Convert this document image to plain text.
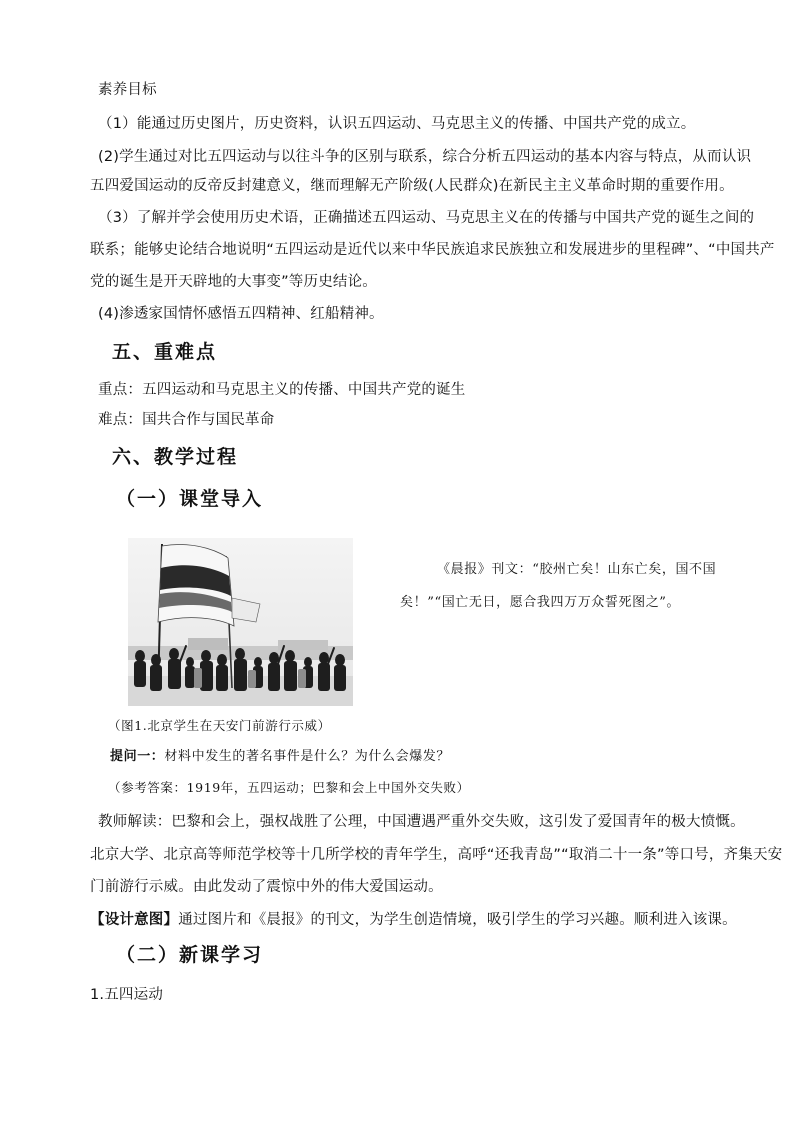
素养目标
（1）能通过历史图片，历史资料，认识五四运动、马克思主义的传播、中国共产党的成立。
(2)学生通过对比五四运动与以往斗争的区别与联系，综合分析五四运动的基本内容与特点，从而认识
五四爱国运动的反帝反封建意义，继而理解无产阶级(人民群众)在新民主主义革命时期的重要作用。
（3）了解并学会使用历史术语，正确描述五四运动、马克思主义在的传播与中国共产党的诞生之间的
联系；能够史论结合地说明“五四运动是近代以来中华民族追求民族独立和发展进步的里程碑”、“中国共产
党的诞生是开天辟地的大事变”等历史结论。
(4)渗透家国情怀感悟五四精神、红船精神。
五、重难点
重点：五四运动和马克思主义的传播、中国共产党的诞生
难点：国共合作与国民革命
六、教学过程
（一）课堂导入
《晨报》刊文：“胶州亡矣！山东亡矣，国不国
矣！”“国亡无日，愿合我四万万众誓死图之”。
（图1.北京学生在天安门前游行示威）
提问一：材料中发生的著名事件是什么？为什么会爆发？
（参考答案：1919年，五四运动；巴黎和会上中国外交失败）
教师解读：巴黎和会上，强权战胜了公理，中国遭遇严重外交失败，这引发了爱国青年的极大愤慨。
北京大学、北京高等师范学校等十几所学校的青年学生，高呼“还我青岛”“取消二十一条”等口号，齐集天安
门前游行示威。由此发动了震惊中外的伟大爱国运动。
【设计意图】通过图片和《晨报》的刊文，为学生创造情境，吸引学生的学习兴趣。顺利进入该课。
（二）新课学习
1.五四运动
